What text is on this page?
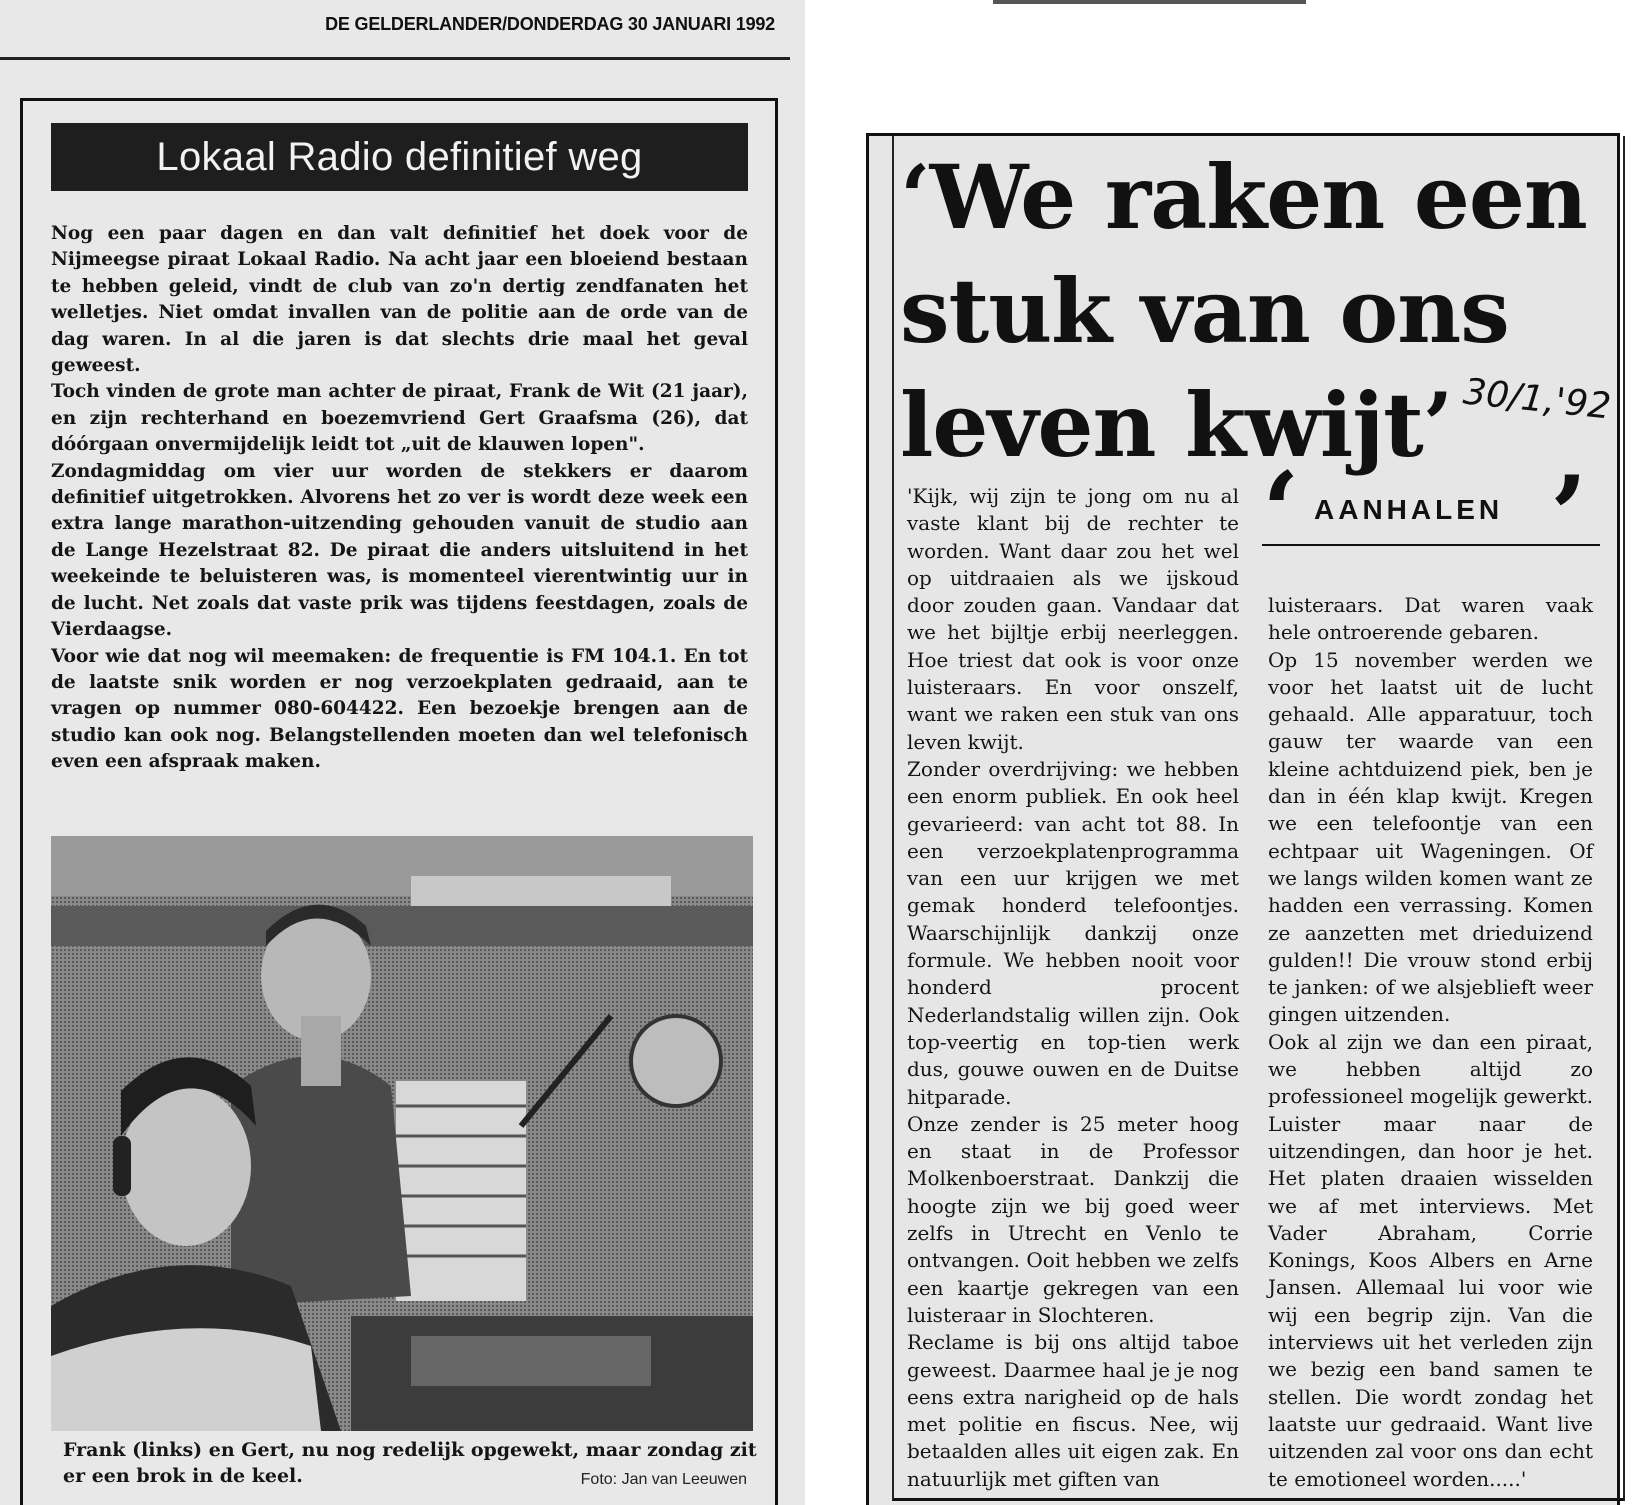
DE GELDERLANDER/DONDERDAG 30 JANUARI 1992
Lokaal Radio definitief weg

Nog een paar dagen en dan valt definitief het doek voor de Nijmeegse piraat Lokaal Radio. Na acht jaar een bloeiend bestaan te hebben geleid, vindt de club van zo'n dertig zendfanaten het welletjes. Niet omdat invallen van de politie aan de orde van de dag waren. In al die jaren is dat slechts drie maal het geval geweest.

Toch vinden de grote man achter de piraat, Frank de Wit (21 jaar), en zijn rechterhand en boezemvriend Gert Graafsma (26), dat dóórgaan onvermijdelijk leidt tot „uit de klauwen lopen".

Zondagmiddag om vier uur worden de stekkers er daarom definitief uitgetrokken. Alvorens het zo ver is wordt deze week een extra lange marathon-uitzending gehouden vanuit de studio aan de Lange Hezelstraat 82. De piraat die anders uitsluitend in het weekeinde te beluisteren was, is momenteel vierentwintig uur in de lucht. Net zoals dat vaste prik was tijdens feestdagen, zoals de Vierdaagse.

Voor wie dat nog wil meemaken: de frequentie is FM 104.1. En tot de laatste snik worden er nog verzoekplaten gedraaid, aan te vragen op nummer 080-604422. Een bezoekje brengen aan de studio kan ook nog. Belangstellenden moeten dan wel telefonisch even een afspraak maken.

Frank (links) en Gert, nu nog redelijk opgewekt, maar zondag zit er een brok in de keel.	Foto: Jan van Leeuwen
‘We raken een stuk van ons leven kwijt’ 30/1,'92
‘ AANHALEN ’

'Kijk, wij zijn te jong om nu al vaste klant bij de rechter te worden. Want daar zou het wel op uitdraaien als we ijskoud door zouden gaan. Vandaar dat we het bijltje erbij neerleggen. Hoe triest dat ook is voor onze luisteraars. En voor onszelf, want we raken een stuk van ons leven kwijt.

Zonder overdrijving: we hebben een enorm publiek. En ook heel gevarieerd: van acht tot 88. In een verzoekplatenprogramma van een uur krijgen we met gemak honderd telefoontjes. Waarschijnlijk dankzij onze formule. We hebben nooit voor honderd procent Nederlandstalig willen zijn. Ook top-veertig en top-tien werk dus, gouwe ouwen en de Duitse hitparade.

Onze zender is 25 meter hoog en staat in de Professor Molkenboerstraat. Dankzij die hoogte zijn we bij goed weer zelfs in Utrecht en Venlo te ontvangen. Ooit hebben we zelfs een kaartje gekregen van een luisteraar in Slochteren.

Reclame is bij ons altijd taboe geweest. Daarmee haal je je nog eens extra narigheid op de hals met politie en fiscus. Nee, wij betaalden alles uit eigen zak. En natuurlijk met giften van

luisteraars. Dat waren vaak hele ontroerende gebaren.

Op 15 november werden we voor het laatst uit de lucht gehaald. Alle apparatuur, toch gauw ter waarde van een kleine achtduizend piek, ben je dan in één klap kwijt. Kregen we een telefoontje van een echtpaar uit Wageningen. Of we langs wilden komen want ze hadden een verrassing. Komen ze aanzetten met drieduizend gulden!! Die vrouw stond erbij te janken: of we alsjeblieft weer gingen uitzenden.

Ook al zijn we dan een piraat, we hebben altijd zo professioneel mogelijk gewerkt. Luister maar naar de uitzendingen, dan hoor je het. Het platen draaien wisselden we af met interviews. Met Vader Abraham, Corrie Konings, Koos Albers en Arne Jansen. Allemaal lui voor wie wij een begrip zijn. Van die interviews uit het verleden zijn we bezig een band samen te stellen. Die wordt zondag het laatste uur gedraaid. Want live uitzenden zal voor ons dan echt te emotioneel worden.....'
